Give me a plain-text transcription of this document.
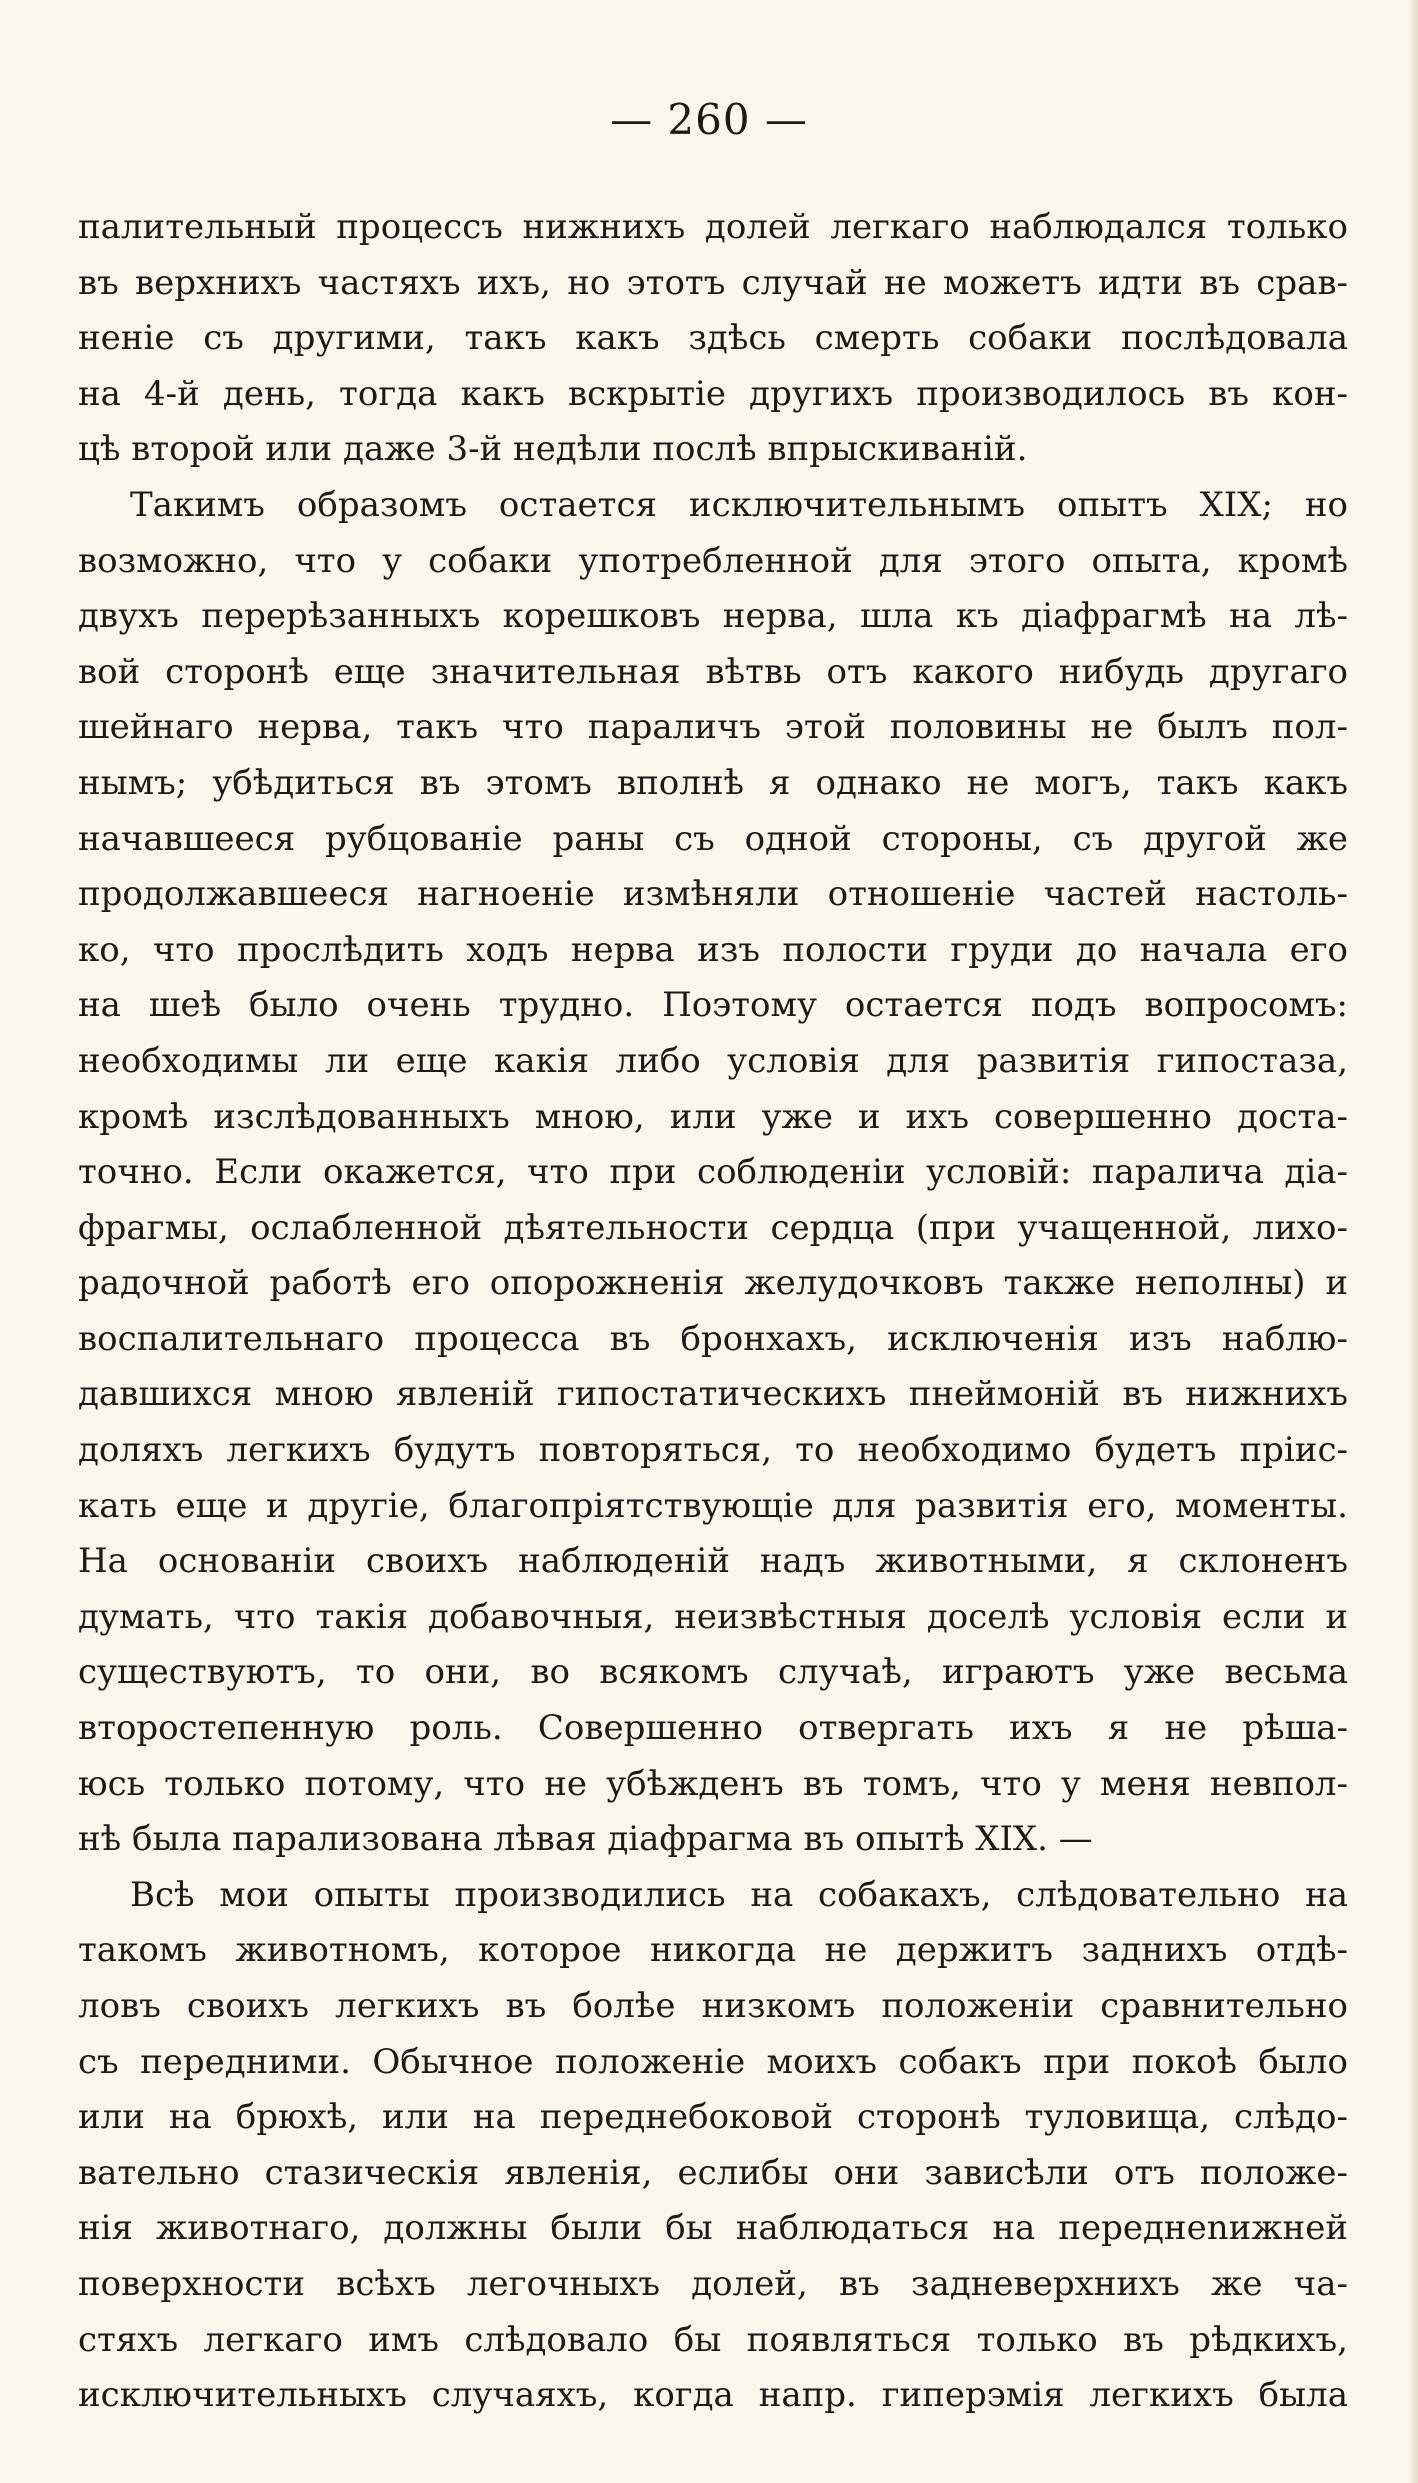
— 260 —
палительный процессъ нижнихъ долей легкаго наблюдался только
въ верхнихъ частяхъ ихъ, но этотъ случай не можетъ идти въ срав-
неніе съ другими, такъ какъ здѣсь смерть собаки послѣдовала
на 4-й день, тогда какъ вскрытіе другихъ производилось въ кон-
цѣ второй или даже 3-й недѣли послѣ впрыскиваній.
Такимъ образомъ остается исключительнымъ опытъ XIX; но
возможно, что у собаки употребленной для этого опыта, кромѣ
двухъ перерѣзанныхъ корешковъ нерва, шла къ діафрагмѣ на лѣ-
вой сторонѣ еще значительная вѣтвь отъ какого нибудь другаго
шейнаго нерва, такъ что параличъ этой половины не былъ пол-
нымъ; убѣдиться въ этомъ вполнѣ я однако не могъ, такъ какъ
начавшееся рубцованіе раны съ одной стороны, съ другой же
продолжавшееся нагноеніе измѣняли отношеніе частей настоль-
ко, что прослѣдить ходъ нерва изъ полости груди до начала его
на шеѣ было очень трудно. Поэтому остается подъ вопросомъ:
необходимы ли еще какія либо условія для развитія гипостаза,
кромѣ изслѣдованныхъ мною, или уже и ихъ совершенно доста-
точно. Если окажется, что при соблюденіи условій: паралича діа-
фрагмы, ослабленной дѣятельности сердца (при учащенной, лихо-
радочной работѣ его опорожненія желудочковъ также неполны) и
воспалительнаго процесса въ бронхахъ, исключенія изъ наблю-
давшихся мною явленій гипостатическихъ пнеймоній въ нижнихъ
доляхъ легкихъ будутъ повторяться, то необходимо будетъ пріис-
кать еще и другіе, благопріятствующіе для развитія его, моменты.
На основаніи своихъ наблюденій надъ животными, я склоненъ
думать, что такія добавочныя, неизвѣстныя доселѣ условія если и
существуютъ, то они, во всякомъ случаѣ, играютъ уже весьма
второстепенную роль. Совершенно отвергать ихъ я не рѣша-
юсь только потому, что не убѣжденъ въ томъ, что у меня невпол-
нѣ была парализована лѣвая діафрагма въ опытѣ XIX. —
Всѣ мои опыты производились на собакахъ, слѣдовательно на
такомъ животномъ, которое никогда не держитъ заднихъ отдѣ-
ловъ своихъ легкихъ въ болѣе низкомъ положеніи сравнительно
съ передними. Обычное положеніе моихъ собакъ при покоѣ было
или на брюхѣ, или на переднебоковой сторонѣ туловища, слѣдо-
вательно стазическія явленія, еслибы они зависѣли отъ положе-
нія животнаго, должны были бы наблюдаться на переднenижней
поверхности всѣхъ легочныхъ долей, въ задневерхнихъ же ча-
стяхъ легкаго имъ слѣдовало бы появляться только въ рѣдкихъ,
исключительныхъ случаяхъ, когда напр. гиперэмія легкихъ была
